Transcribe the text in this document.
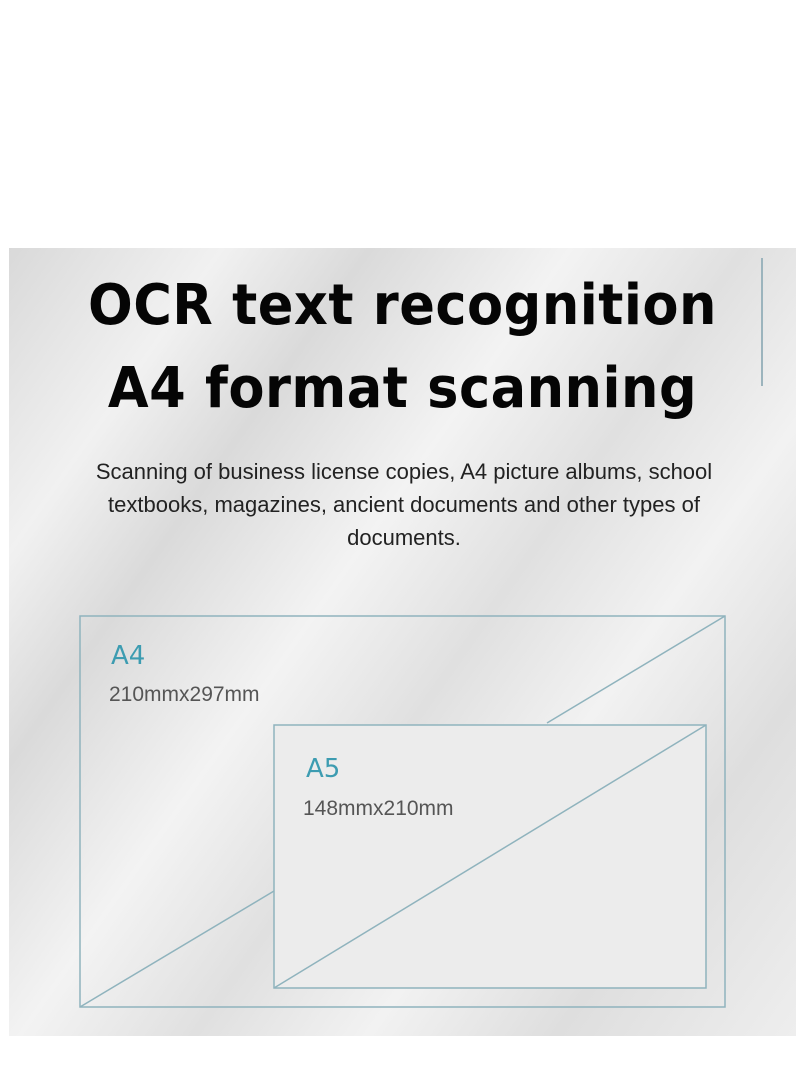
OCR text recognition
A4 format scanning
Scanning of business license copies, A4 picture albums, school textbooks, magazines, ancient documents and other types of documents.
A4
210mmx297mm
A5
148mmx210mm
